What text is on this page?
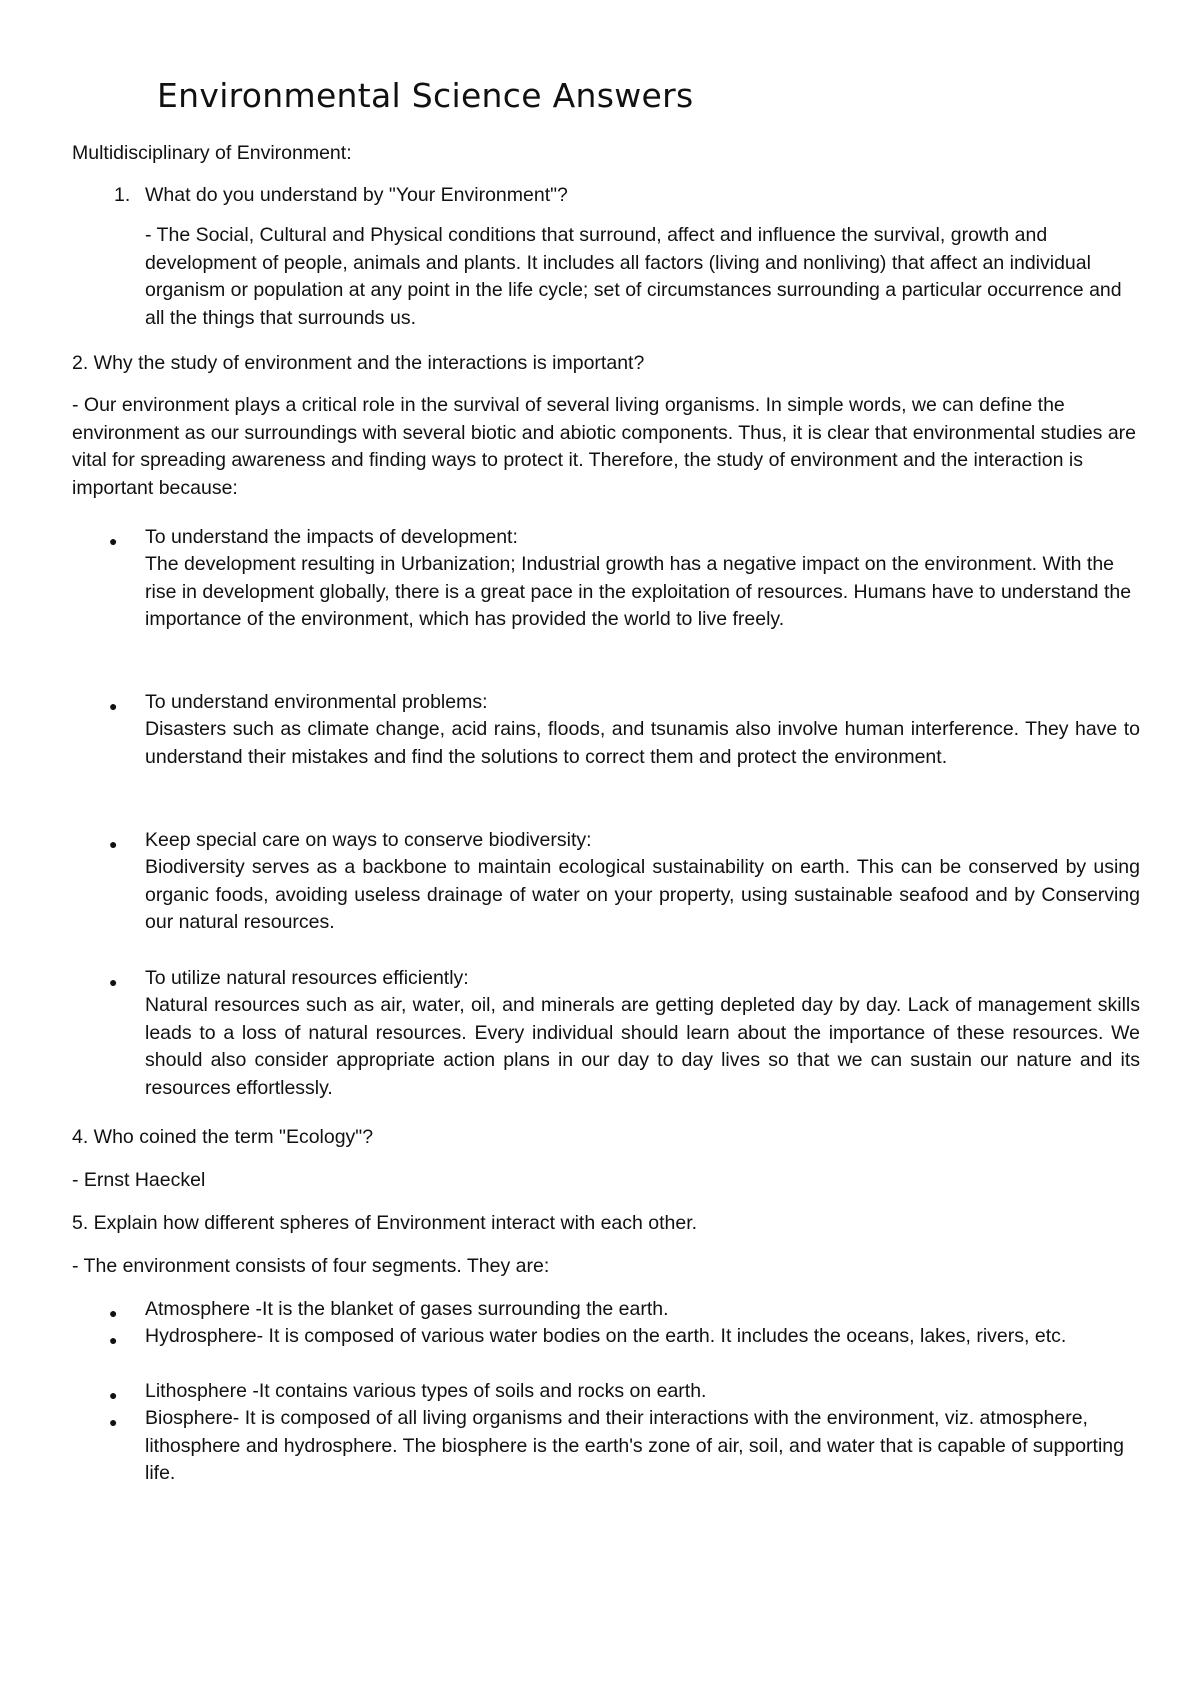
Environmental Science Answers

Multidisciplinary of Environment:

1. What do you understand by "Your Environment"?

- The Social, Cultural and Physical conditions that surround, affect and influence the survival, growth and development of people, animals and plants. It includes all factors (living and nonliving) that affect an individual organism or population at any point in the life cycle; set of circumstances surrounding a particular occurrence and all the things that surrounds us.

2. Why the study of environment and the interactions is important?

- Our environment plays a critical role in the survival of several living organisms. In simple words, we can define the environment as our surroundings with several biotic and abiotic components. Thus, it is clear that environmental studies are vital for spreading awareness and finding ways to protect it. Therefore, the study of environment and the interaction is important because:

● To understand the impacts of development:

The development resulting in Urbanization; Industrial growth has a negative impact on the environment. With the rise in development globally, there is a great pace in the exploitation of resources. Humans have to understand the importance of the environment, which has provided the world to live freely.

● To understand environmental problems:

Disasters such as climate change, acid rains, floods, and tsunamis also involve human interference. They have to understand their mistakes and find the solutions to correct them and protect the environment.

● Keep special care on ways to conserve biodiversity:

Biodiversity serves as a backbone to maintain ecological sustainability on earth. This can be conserved by using organic foods, avoiding useless drainage of water on your property, using sustainable seafood and by Conserving our natural resources.

● To utilize natural resources efficiently:

Natural resources such as air, water, oil, and minerals are getting depleted day by day. Lack of management skills leads to a loss of natural resources. Every individual should learn about the importance of these resources. We should also consider appropriate action plans in our day to day lives so that we can sustain our nature and its resources effortlessly.

4. Who coined the term "Ecology"?

- Ernst Haeckel

5. Explain how different spheres of Environment interact with each other.

- The environment consists of four segments. They are:

● Atmosphere -It is the blanket of gases surrounding the earth.

● Hydrosphere- It is composed of various water bodies on the earth. It includes the oceans, lakes, rivers, etc.

● Lithosphere -It contains various types of soils and rocks on earth.

● Biosphere- It is composed of all living organisms and their interactions with the environment, viz. atmosphere, lithosphere and hydrosphere. The biosphere is the earth's zone of air, soil, and water that is capable of supporting life.
